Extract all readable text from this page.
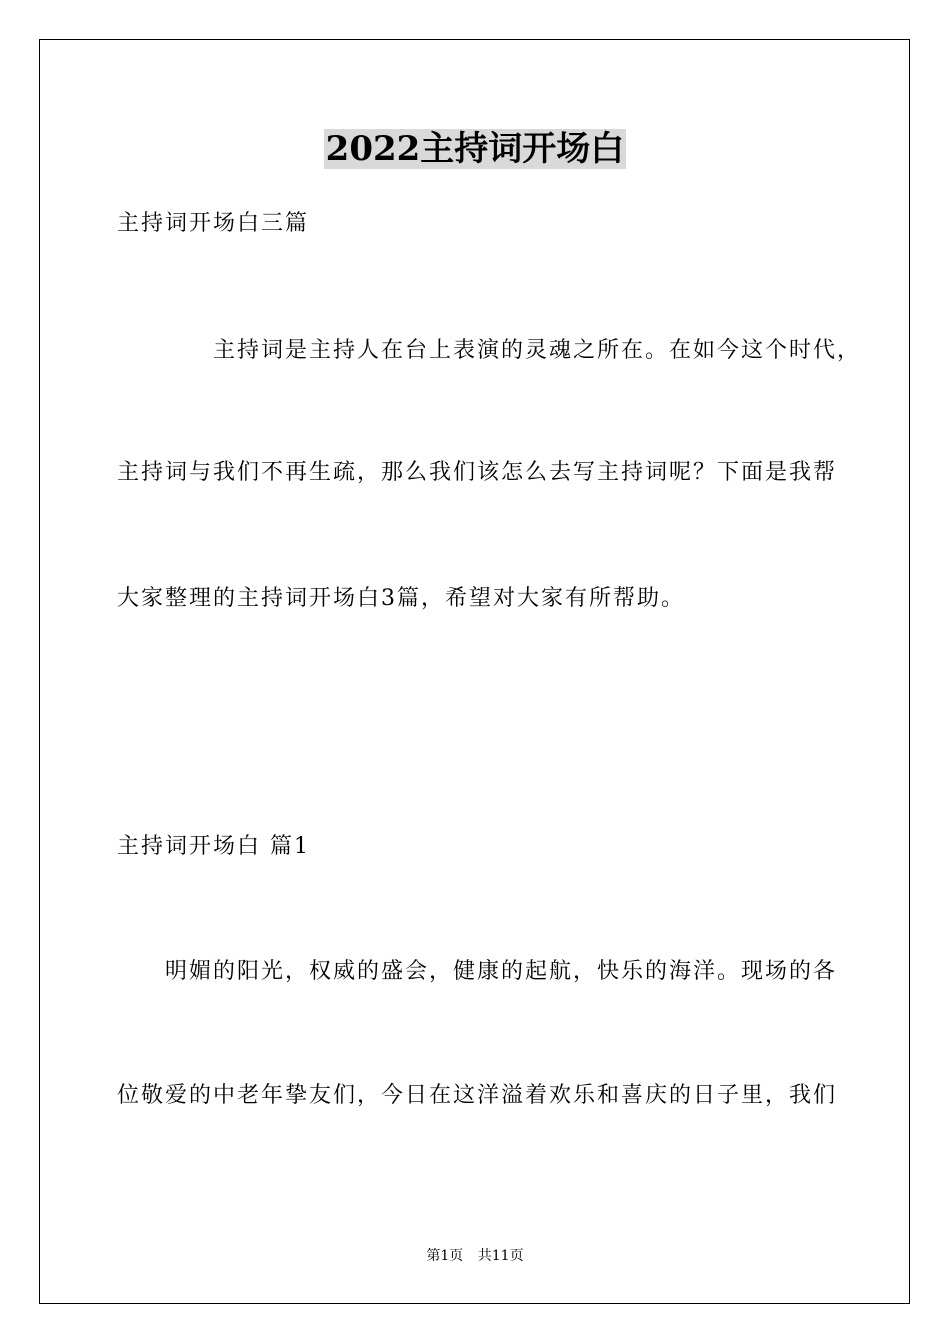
2022主持词开场白
主持词开场白三篇
主持词是主持人在台上表演的灵魂之所在。在如今这个时代，
主持词与我们不再生疏，那么我们该怎么去写主持词呢？下面是我帮
大家整理的主持词开场白3篇，希望对大家有所帮助。
主持词开场白 篇1
明媚的阳光，权威的盛会，健康的起航，快乐的海洋。现场的各
位敬爱的中老年挚友们，今日在这洋溢着欢乐和喜庆的日子里，我们
第1页 共11页
